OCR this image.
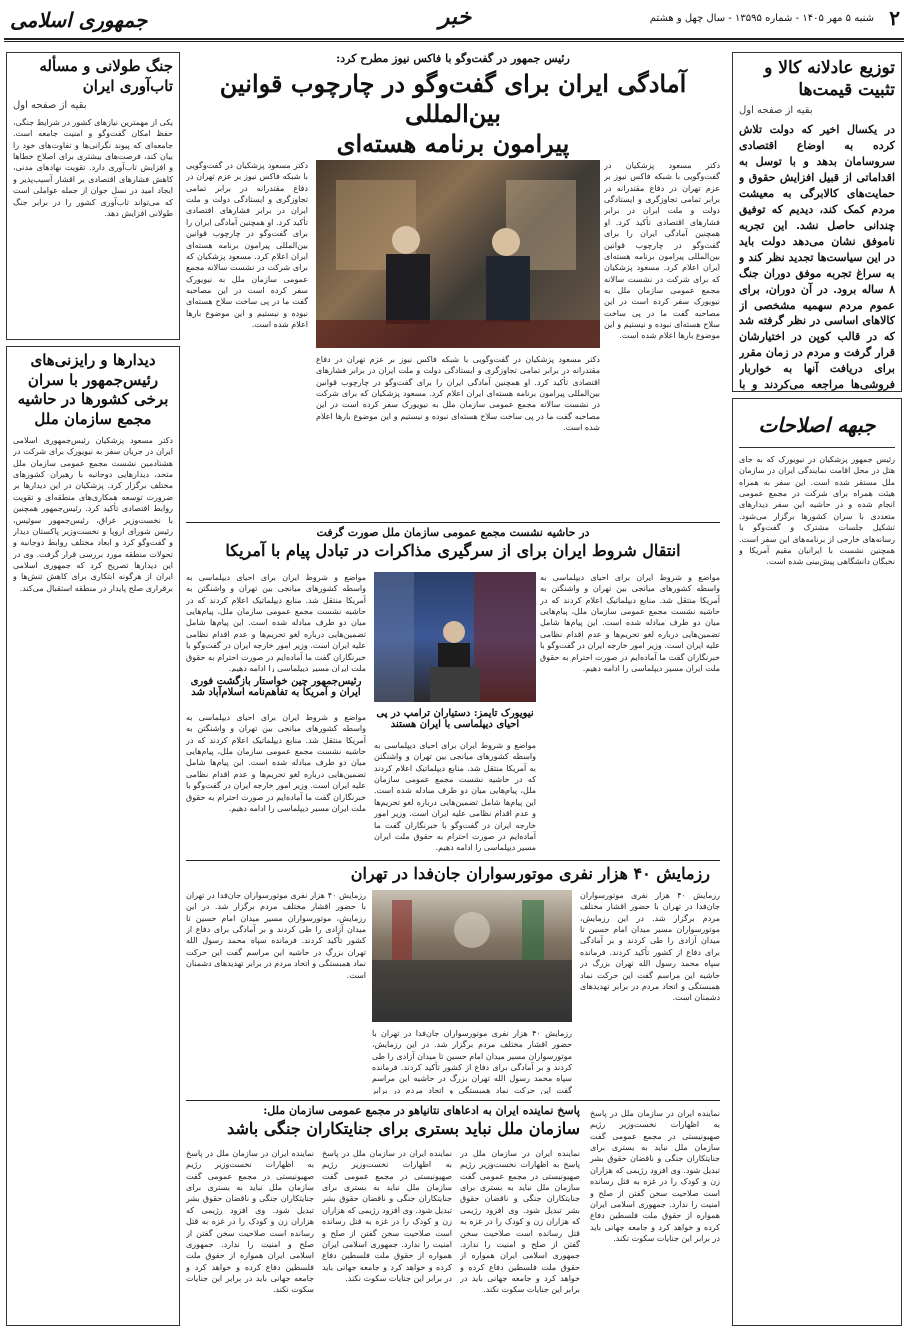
۲
شنبه ۵ مهر ۱۴۰۵ - شماره ۱۳۵۹۵ - سال چهل و هشتم
خبر
جمهوری اسلامی
توزیع عادلانه کالا و تثبیت قیمت‌ها
بقیه از صفحه اول
در یکسال اخیر که دولت تلاش کرده به اوضاع اقتصادی سروسامان بدهد و با توسل به اقداماتی از قبیل افزایش حقوق و حمایت‌های کالابرگی به معیشت مردم کمک کند، دیدیم که توفیق چندانی حاصل نشد. این تجربه ناموفق نشان می‌دهد دولت باید در این سیاست‌ها تجدید نظر کند و به سراغ تجربه موفق دوران جنگ ۸ ساله برود. در آن دوران، برای عموم مردم سهمیه مشخصی از کالاهای اساسی در نظر گرفته شد که در قالب کوپن در اختیارشان قرار گرفت و مردم در زمان مقرر برای دریافت آنها به خواربار فروشی‌ها مراجعه می‌کردند و با
جبهه اصلاحات
رئیس جمهور پزشکیان در نیویورک که به جای هتل در محل اقامت نمایندگی ایران در سازمان ملل مستقر شده است. این سفر به همراه هیئت همراه برای شرکت در مجمع عمومی انجام شده و در حاشیه این سفر دیدارهای متعددی با سران کشورها برگزار می‌شود. تشکیل جلسات مشترک و گفت‌وگو با رسانه‌های خارجی از برنامه‌های این سفر است. همچنین نشست با ایرانیان مقیم آمریکا و نخبگان دانشگاهی پیش‌بینی شده است.
جنگ طولانی و مسأله تاب‌آوری ایران
بقیه از صفحه اول
یکی از مهمترین نیازهای کشور در شرایط جنگی، حفظ امکان گفت‌وگو و امنیت جامعه است. جامعه‌ای که پیوند نگرانی‌ها و تفاوت‌های خود را بیان کند، فرصت‌های بیشتری برای اصلاح خطاها و افزایش تاب‌آوری دارد. تقویت نهادهای مدنی، کاهش فشارهای اقتصادی بر اقشار آسیب‌پذیر و ایجاد امید در نسل جوان از جمله عواملی است که می‌تواند تاب‌آوری کشور را در برابر جنگ طولانی افزایش دهد.
دیدارها و رایزنی‌های رئیس‌جمهور با سران برخی کشورها در حاشیه مجمع سازمان ملل
دکتر مسعود پزشکیان رئیس‌جمهوری اسلامی ایران در جریان سفر به نیویورک برای شرکت در هشتادمین نشست مجمع عمومی سازمان ملل متحد، دیدارهایی دوجانبه با رهبران کشورهای مختلف برگزار کرد. پزشکیان در این دیدارها بر ضرورت توسعه همکاری‌های منطقه‌ای و تقویت روابط اقتصادی تأکید کرد. رئیس‌جمهور همچنین با نخست‌وزیر عراق، رئیس‌جمهور سوئیس، رئیس شورای اروپا و نخست‌وزیر پاکستان دیدار و گفت‌وگو کرد و ابعاد مختلف روابط دوجانبه و تحولات منطقه مورد بررسی قرار گرفت. وی در این دیدارها تصریح کرد که جمهوری اسلامی ایران از هرگونه ابتکاری برای کاهش تنش‌ها و برقراری صلح پایدار در منطقه استقبال می‌کند.
رئیس جمهور در گفت‌وگو با فاکس نیوز مطرح کرد:
آمادگی ایران برای گفت‌وگو در چارچوب قوانین بین‌المللی
پیرامون برنامه هسته‌ای
دکتر مسعود پزشکیان در گفت‌وگویی با شبکه فاکس نیوز بر عزم تهران در دفاع مقتدرانه در برابر تمامی تجاوزگری و ایستادگی دولت و ملت ایران در برابر فشارهای اقتصادی تأکید کرد. او همچنین آمادگی ایران را برای گفت‌وگو در چارچوب قوانین بین‌المللی پیرامون برنامه هسته‌ای ایران اعلام کرد. مسعود پزشکیان که برای شرکت در نشست سالانه مجمع عمومی سازمان ملل به نیویورک سفر کرده است در این مصاحبه گفت ما در پی ساخت سلاح هسته‌ای نبوده و نیستیم و این موضوع بارها اعلام شده است.
دکتر مسعود پزشکیان در گفت‌وگویی با شبکه فاکس نیوز بر عزم تهران در دفاع مقتدرانه در برابر تمامی تجاوزگری و ایستادگی دولت و ملت ایران در برابر فشارهای اقتصادی تأکید کرد. او همچنین آمادگی ایران را برای گفت‌وگو در چارچوب قوانین بین‌المللی پیرامون برنامه هسته‌ای ایران اعلام کرد. مسعود پزشکیان که برای شرکت در نشست سالانه مجمع عمومی سازمان ملل به نیویورک سفر کرده است در این مصاحبه گفت ما در پی ساخت سلاح هسته‌ای نبوده و نیستیم و این موضوع بارها اعلام شده است.
دکتر مسعود پزشکیان در گفت‌وگویی با شبکه فاکس نیوز بر عزم تهران در دفاع مقتدرانه در برابر تمامی تجاوزگری و ایستادگی دولت و ملت ایران در برابر فشارهای اقتصادی تأکید کرد. او همچنین آمادگی ایران را برای گفت‌وگو در چارچوب قوانین بین‌المللی پیرامون برنامه هسته‌ای ایران اعلام کرد. مسعود پزشکیان که برای شرکت در نشست سالانه مجمع عمومی سازمان ملل به نیویورک سفر کرده است در این مصاحبه گفت ما در پی ساخت سلاح هسته‌ای نبوده و نیستیم و این موضوع بارها اعلام شده است.
در حاشیه نشست مجمع عمومی سازمان ملل صورت گرفت
انتقال شروط ایران برای از سرگیری مذاکرات در تبادل پیام با آمریکا
مواضع و شروط ایران برای احیای دیپلماسی به واسطه کشورهای میانجی بین تهران و واشنگتن به آمریکا منتقل شد. منابع دیپلماتیک اعلام کردند که در حاشیه نشست مجمع عمومی سازمان ملل، پیام‌هایی میان دو طرف مبادله شده است. این پیام‌ها شامل تضمین‌هایی درباره لغو تحریم‌ها و عدم اقدام نظامی علیه ایران است. وزیر امور خارجه ایران در گفت‌وگو با خبرنگاران گفت ما آماده‌ایم در صورت احترام به حقوق ملت ایران مسیر دیپلماسی را ادامه دهیم.
مواضع و شروط ایران برای احیای دیپلماسی به واسطه کشورهای میانجی بین تهران و واشنگتن به آمریکا منتقل شد. منابع دیپلماتیک اعلام کردند که در حاشیه نشست مجمع عمومی سازمان ملل، پیام‌هایی میان دو طرف مبادله شده است. این پیام‌ها شامل تضمین‌هایی درباره لغو تحریم‌ها و عدم اقدام نظامی علیه ایران است. وزیر امور خارجه ایران در گفت‌وگو با خبرنگاران گفت ما آماده‌ایم در صورت احترام به حقوق ملت ایران مسیر دیپلماسی را ادامه دهیم.
رئیس‌جمهور چین خواستار بازگشت فوری ایران و آمریکا به تفاهم‌نامه اسلام‌آباد شد
مواضع و شروط ایران برای احیای دیپلماسی به واسطه کشورهای میانجی بین تهران و واشنگتن به آمریکا منتقل شد. منابع دیپلماتیک اعلام کردند که در حاشیه نشست مجمع عمومی سازمان ملل، پیام‌هایی میان دو طرف مبادله شده است. این پیام‌ها شامل تضمین‌هایی درباره لغو تحریم‌ها و عدم اقدام نظامی علیه ایران است. وزیر امور خارجه ایران در گفت‌وگو با خبرنگاران گفت ما آماده‌ایم در صورت احترام به حقوق ملت ایران مسیر دیپلماسی را ادامه دهیم.
نیویورک تایمز: دستیاران ترامپ در پی احیای دیپلماسی با ایران هستند
مواضع و شروط ایران برای احیای دیپلماسی به واسطه کشورهای میانجی بین تهران و واشنگتن به آمریکا منتقل شد. منابع دیپلماتیک اعلام کردند که در حاشیه نشست مجمع عمومی سازمان ملل، پیام‌هایی میان دو طرف مبادله شده است. این پیام‌ها شامل تضمین‌هایی درباره لغو تحریم‌ها و عدم اقدام نظامی علیه ایران است. وزیر امور خارجه ایران در گفت‌وگو با خبرنگاران گفت ما آماده‌ایم در صورت احترام به حقوق ملت ایران مسیر دیپلماسی را ادامه دهیم.
رزمایش ۴۰ هزار نفری موتورسواران جان‌فدا در تهران
رزمایش ۴۰ هزار نفری موتورسواران جان‌فدا در تهران با حضور اقشار مختلف مردم برگزار شد. در این رزمایش، موتورسواران مسیر میدان امام حسین تا میدان آزادی را طی کردند و بر آمادگی برای دفاع از کشور تأکید کردند. فرمانده سپاه محمد رسول الله تهران بزرگ در حاشیه این مراسم گفت این حرکت نماد همبستگی و اتحاد مردم در برابر تهدیدهای دشمنان است.
رزمایش ۴۰ هزار نفری موتورسواران جان‌فدا در تهران با حضور اقشار مختلف مردم برگزار شد. در این رزمایش، موتورسواران مسیر میدان امام حسین تا میدان آزادی را طی کردند و بر آمادگی برای دفاع از کشور تأکید کردند. فرمانده سپاه محمد رسول الله تهران بزرگ در حاشیه این مراسم گفت این حرکت نماد همبستگی و اتحاد مردم در برابر تهدیدهای دشمنان است.
رزمایش ۴۰ هزار نفری موتورسواران جان‌فدا در تهران با حضور اقشار مختلف مردم برگزار شد. در این رزمایش، موتورسواران مسیر میدان امام حسین تا میدان آزادی را طی کردند و بر آمادگی برای دفاع از کشور تأکید کردند. فرمانده سپاه محمد رسول الله تهران بزرگ در حاشیه این مراسم گفت این حرکت نماد همبستگی و اتحاد مردم در برابر
پاسخ نماینده ایران به ادعاهای نتانیاهو در مجمع عمومی سازمان ملل:
سازمان ملل نباید بستری برای جنایتکاران جنگی باشد
نماینده ایران در سازمان ملل در پاسخ به اظهارات نخست‌وزیر رژیم صهیونیستی در مجمع عمومی گفت سازمان ملل نباید به بستری برای جنایتکاران جنگی و ناقضان حقوق بشر تبدیل شود. وی افزود رژیمی که هزاران زن و کودک را در غزه به قتل رسانده است صلاحیت سخن گفتن از صلح و امنیت را ندارد. جمهوری اسلامی ایران همواره از حقوق ملت فلسطین دفاع کرده و خواهد کرد و جامعه جهانی باید در برابر این جنایات سکوت نکند.
نماینده ایران در سازمان ملل در پاسخ به اظهارات نخست‌وزیر رژیم صهیونیستی در مجمع عمومی گفت سازمان ملل نباید به بستری برای جنایتکاران جنگی و ناقضان حقوق بشر تبدیل شود. وی افزود رژیمی که هزاران زن و کودک را در غزه به قتل رسانده است صلاحیت سخن گفتن از صلح و امنیت را ندارد. جمهوری اسلامی ایران همواره از حقوق ملت فلسطین دفاع کرده و خواهد کرد و جامعه جهانی باید در برابر این جنایات سکوت نکند.
نماینده ایران در سازمان ملل در پاسخ به اظهارات نخست‌وزیر رژیم صهیونیستی در مجمع عمومی گفت سازمان ملل نباید به بستری برای جنایتکاران جنگی و ناقضان حقوق بشر تبدیل شود. وی افزود رژیمی که هزاران زن و کودک را در غزه به قتل رسانده است صلاحیت سخن گفتن از صلح و امنیت را ندارد. جمهوری اسلامی ایران همواره از حقوق ملت فلسطین دفاع کرده و خواهد کرد و جامعه جهانی باید در برابر این جنایات سکوت نکند.
نماینده ایران در سازمان ملل در پاسخ به اظهارات نخست‌وزیر رژیم صهیونیستی در مجمع عمومی گفت سازمان ملل نباید به بستری برای جنایتکاران جنگی و ناقضان حقوق بشر تبدیل شود. وی افزود رژیمی که هزاران زن و کودک را در غزه به قتل رسانده است صلاحیت سخن گفتن از صلح و امنیت را ندارد. جمهوری اسلامی ایران همواره از حقوق ملت فلسطین دفاع کرده و خواهد کرد و جامعه جهانی باید در برابر این جنایات سکوت نکند.
